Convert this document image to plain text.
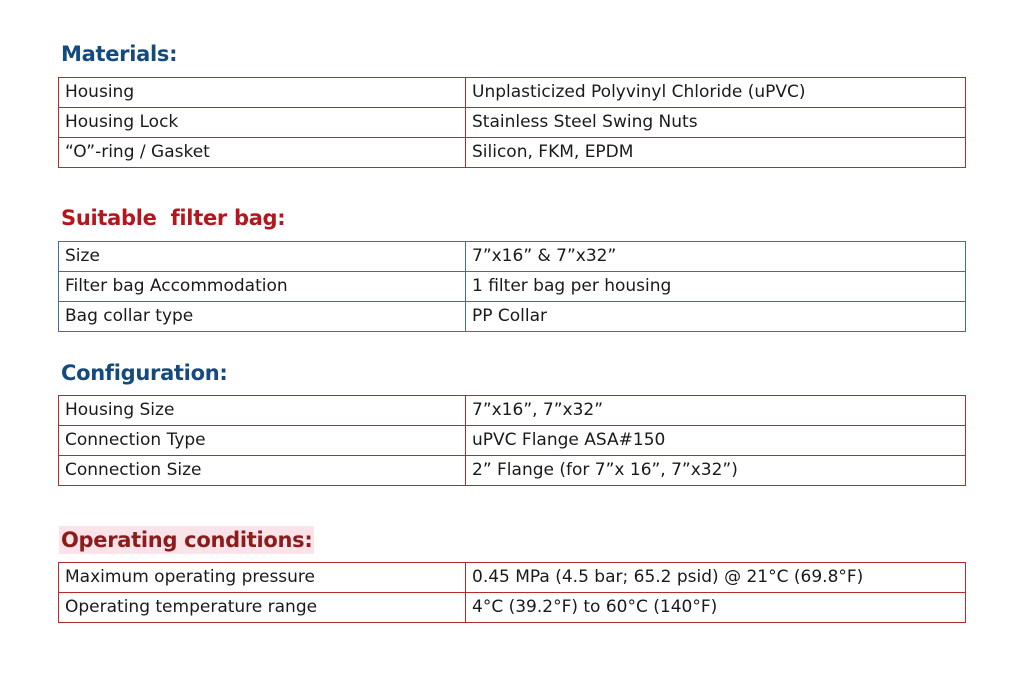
Materials:
Housing	Unplasticized Polyvinyl Chloride (uPVC)
Housing Lock	Stainless Steel Swing Nuts
“O”-ring / Gasket	Silicon, FKM, EPDM
Suitable  filter bag:
Size	7”x16” & 7”x32”
Filter bag Accommodation	1 filter bag per housing
Bag collar type	PP Collar
Configuration:
Housing Size	7”x16”, 7”x32”
Connection Type	uPVC Flange ASA#150
Connection Size	2” Flange (for 7”x 16”, 7”x32”)
Operating conditions:
Maximum operating pressure	0.45 MPa (4.5 bar; 65.2 psid) @ 21°C (69.8°F)
Operating temperature range	4°C (39.2°F) to 60°C (140°F)
